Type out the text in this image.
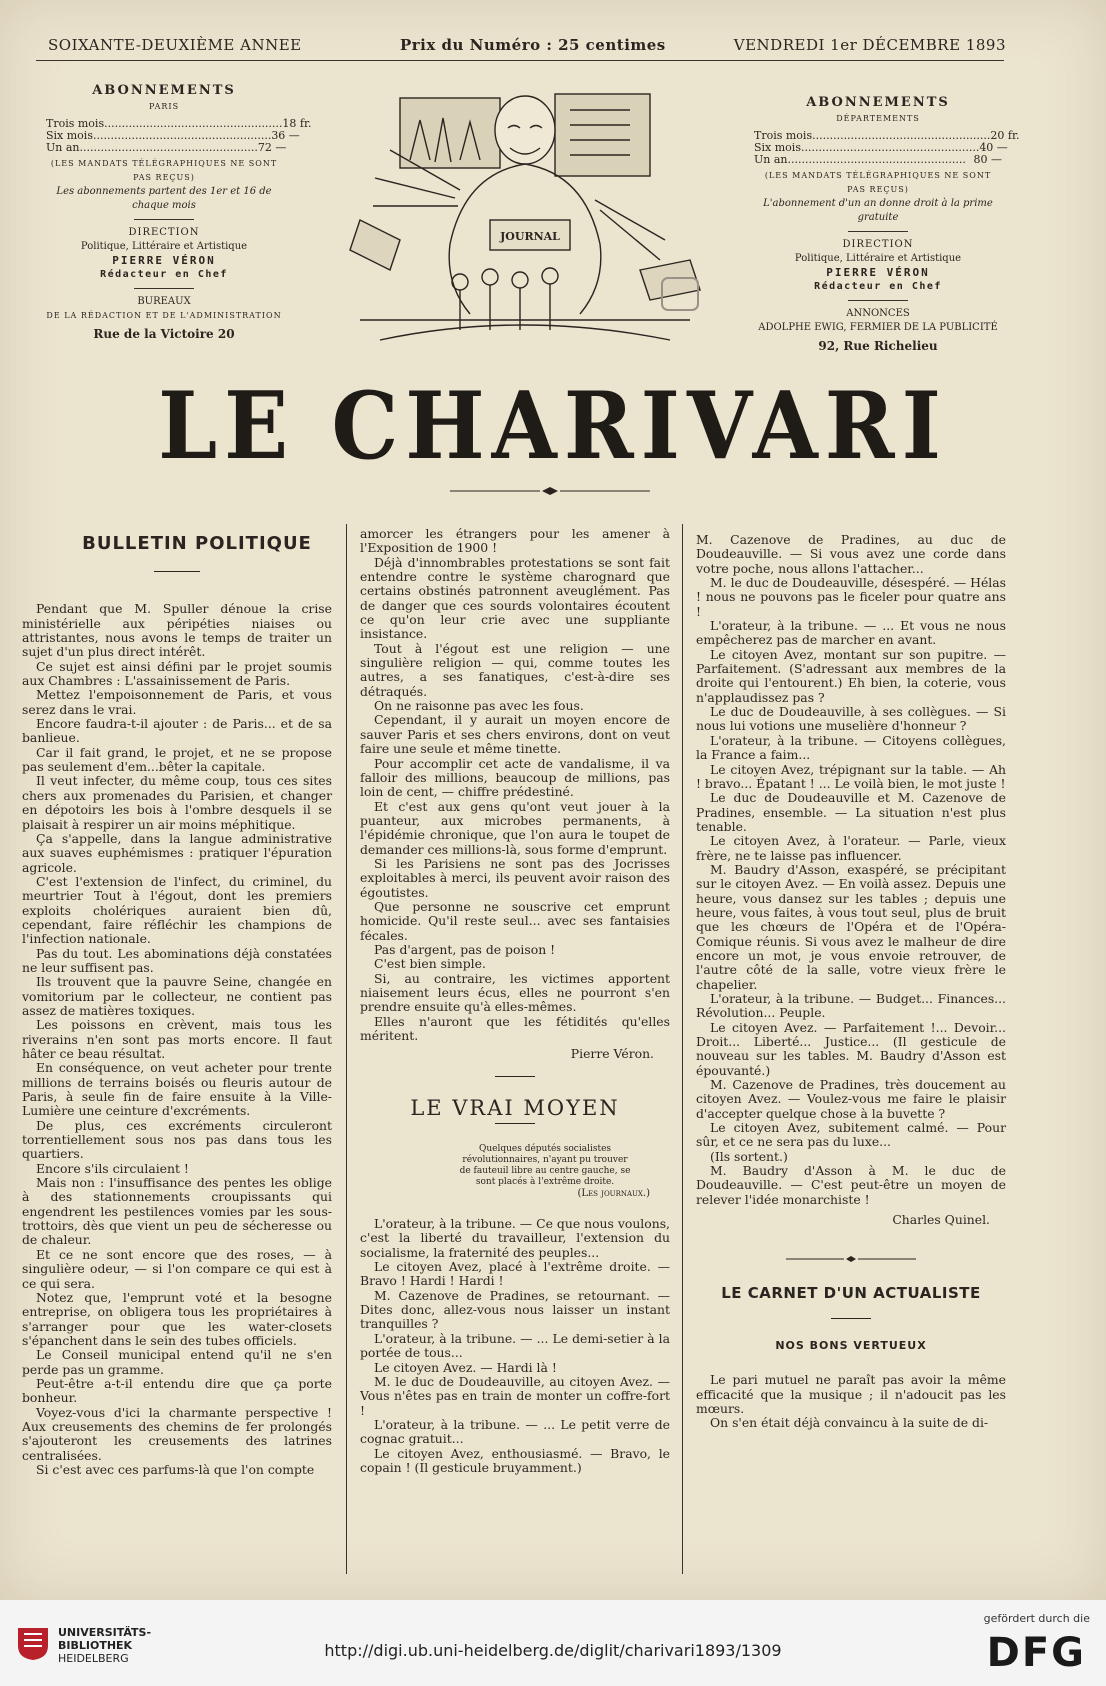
SOIXANTE-DEUXIÈME ANNEE	Prix du Numéro : 25 centimes	VENDREDI 1er DÉCEMBRE 1893
ABONNEMENTS
PARIS
Trois mois ................................................... 18 fr.
Six mois ................................................... 36 —
Un an ................................................... 72 —
(LES MANDATS TÉLÉGRAPHIQUES NE SONT PAS REÇUS)
Les abonnements partent des 1er et 16 de chaque mois
DIRECTION
Politique, Littéraire et Artistique
PIERRE VÉRON
Rédacteur en Chef
BUREAUX
DE LA RÉDACTION ET DE L'ADMINISTRATION
Rue de la Victoire 20
JOURNAL
ABONNEMENTS
DÉPARTEMENTS
Trois mois ................................................... 20 fr.
Six mois ................................................... 40 —
Un an ................................................... 80 —
(LES MANDATS TÉLÉGRAPHIQUES NE SONT PAS REÇUS)
L'abonnement d'un an donne droit à la prime gratuite
DIRECTION
Politique, Littéraire et Artistique
PIERRE VÉRON
Rédacteur en Chef
ANNONCES
ADOLPHE EWIG, FERMIER DE LA PUBLICITÉ
92, Rue Richelieu
LE CHARIVARI
BULLETIN POLITIQUE

Pendant que M. Spuller dénoue la crise ministérielle aux péripéties niaises ou attristantes, nous avons le temps de traiter un sujet d'un plus direct intérêt.

Ce sujet est ainsi défini par le projet soumis aux Chambres : L'assainissement de Paris.

Mettez l'empoisonnement de Paris, et vous serez dans le vrai.

Encore faudra-t-il ajouter : de Paris... et de sa banlieue.

Car il fait grand, le projet, et ne se propose pas seulement d'em...bêter la capitale.

Il veut infecter, du même coup, tous ces sites chers aux promenades du Parisien, et changer en dépotoirs les bois à l'ombre desquels il se plaisait à respirer un air moins méphitique.

Ça s'appelle, dans la langue administrative aux suaves euphémismes : pratiquer l'épuration agricole.

C'est l'extension de l'infect, du criminel, du meurtrier Tout à l'égout, dont les premiers exploits cholériques auraient bien dû, cependant, faire réfléchir les champions de l'infection nationale.

Pas du tout. Les abominations déjà constatées ne leur suffisent pas.

Ils trouvent que la pauvre Seine, changée en vomitorium par le collecteur, ne contient pas assez de matières toxiques.

Les poissons en crèvent, mais tous les riverains n'en sont pas morts encore. Il faut hâter ce beau résultat.

En conséquence, on veut acheter pour trente millions de terrains boisés ou fleuris autour de Paris, à seule fin de faire ensuite à la Ville-Lumière une ceinture d'excréments.

De plus, ces excréments circuleront torrentiellement sous nos pas dans tous les quartiers.

Encore s'ils circulaient !

Mais non : l'insuffisance des pentes les oblige à des stationnements croupissants qui engendrent les pestilences vomies par les sous-trottoirs, dès que vient un peu de sécheresse ou de chaleur.

Et ce ne sont encore que des roses, — à singulière odeur, — si l'on compare ce qui est à ce qui sera.

Notez que, l'emprunt voté et la besogne entreprise, on obligera tous les propriétaires à s'arranger pour que les water-closets s'épanchent dans le sein des tubes officiels.

Le Conseil municipal entend qu'il ne s'en perde pas un gramme.

Peut-être a-t-il entendu dire que ça porte bonheur.

Voyez-vous d'ici la charmante perspective ! Aux creusements des chemins de fer prolongés s'ajouteront les creusements des latrines centralisées.

Si c'est avec ces parfums-là que l'on compte

amorcer les étrangers pour les amener à l'Exposition de 1900 !

Déjà d'innombrables protestations se sont fait entendre contre le système charognard que certains obstinés patronnent aveuglément. Pas de danger que ces sourds volontaires écoutent ce qu'on leur crie avec une suppliante insistance.

Tout à l'égout est une religion — une singulière religion — qui, comme toutes les autres, a ses fanatiques, c'est-à-dire ses détraqués.

On ne raisonne pas avec les fous.

Cependant, il y aurait un moyen encore de sauver Paris et ses chers environs, dont on veut faire une seule et même tinette.

Pour accomplir cet acte de vandalisme, il va falloir des millions, beaucoup de millions, pas loin de cent, — chiffre prédestiné.

Et c'est aux gens qu'ont veut jouer à la puanteur, aux microbes permanents, à l'épidémie chronique, que l'on aura le toupet de demander ces millions-là, sous forme d'emprunt.

Si les Parisiens ne sont pas des Jocrisses exploitables à merci, ils peuvent avoir raison des égoutistes.

Que personne ne souscrive cet emprunt homicide. Qu'il reste seul... avec ses fantaisies fécales.

Pas d'argent, pas de poison !

C'est bien simple.

Si, au contraire, les victimes apportent niaisement leurs écus, elles ne pourront s'en prendre ensuite qu'à elles-mêmes.

Elles n'auront que les fétidités qu'elles méritent.

Pierre Véron.
LE VRAI MOYEN
Quelques députés socialistes révolutionnaires, n'ayant pu trouver de fauteuil libre au centre gauche, se sont placés à l'extrême droite.
(Les journaux.)

L'orateur, à la tribune. — Ce que nous voulons, c'est la liberté du travailleur, l'extension du socialisme, la fraternité des peuples...

Le citoyen Avez, placé à l'extrême droite. — Bravo ! Hardi ! Hardi !

M. Cazenove de Pradines, se retournant. — Dites donc, allez-vous nous laisser un instant tranquilles ?

L'orateur, à la tribune. — ... Le demi-setier à la portée de tous...

Le citoyen Avez. — Hardi là !

M. le duc de Doudeauville, au citoyen Avez. — Vous n'êtes pas en train de monter un coffre-fort !

L'orateur, à la tribune. — ... Le petit verre de cognac gratuit...

Le citoyen Avez, enthousiasmé. — Bravo, le copain ! (Il gesticule bruyamment.)

M. Cazenove de Pradines, au duc de Doudeauville. — Si vous avez une corde dans votre poche, nous allons l'attacher...

M. le duc de Doudeauville, désespéré. — Hélas ! nous ne pouvons pas le ficeler pour quatre ans !

L'orateur, à la tribune. — ... Et vous ne nous empêcherez pas de marcher en avant.

Le citoyen Avez, montant sur son pupitre. — Parfaitement. (S'adressant aux membres de la droite qui l'entourent.) Eh bien, la coterie, vous n'applaudissez pas ?

Le duc de Doudeauville, à ses collègues. — Si nous lui votions une muselière d'honneur ?

L'orateur, à la tribune. — Citoyens collègues, la France a faim...

Le citoyen Avez, trépignant sur la table. — Ah ! bravo... Épatant ! ... Le voilà bien, le mot juste !

Le duc de Doudeauville et M. Cazenove de Pradines, ensemble. — La situation n'est plus tenable.

Le citoyen Avez, à l'orateur. — Parle, vieux frère, ne te laisse pas influencer.

M. Baudry d'Asson, exaspéré, se précipitant sur le citoyen Avez. — En voilà assez. Depuis une heure, vous dansez sur les tables ; depuis une heure, vous faites, à vous tout seul, plus de bruit que les chœurs de l'Opéra et de l'Opéra-Comique réunis. Si vous avez le malheur de dire encore un mot, je vous envoie retrouver, de l'autre côté de la salle, votre vieux frère le chapelier.

L'orateur, à la tribune. — Budget... Finances... Révolution... Peuple.

Le citoyen Avez. — Parfaitement !... Devoir... Droit... Liberté... Justice... (Il gesticule de nouveau sur les tables. M. Baudry d'Asson est épouvanté.)

M. Cazenove de Pradines, très doucement au citoyen Avez. — Voulez-vous me faire le plaisir d'accepter quelque chose à la buvette ?

Le citoyen Avez, subitement calmé. — Pour sûr, et ce ne sera pas du luxe...

(Ils sortent.)

M. Baudry d'Asson à M. le duc de Doudeauville. — C'est peut-être un moyen de relever l'idée monarchiste !

Charles Quinel.
LE CARNET D'UN ACTUALISTE
NOS BONS VERTUEUX

Le pari mutuel ne paraît pas avoir la même efficacité que la musique ; il n'adoucit pas les mœurs.

On s'en était déjà convaincu à la suite de di-

UNIVERSITÄTS-
BIBLIOTHEK
HEIDELBERG	http://digi.ub.uni-heidelberg.de/diglit/charivari1893/1309
gefördert durch die
DFG
